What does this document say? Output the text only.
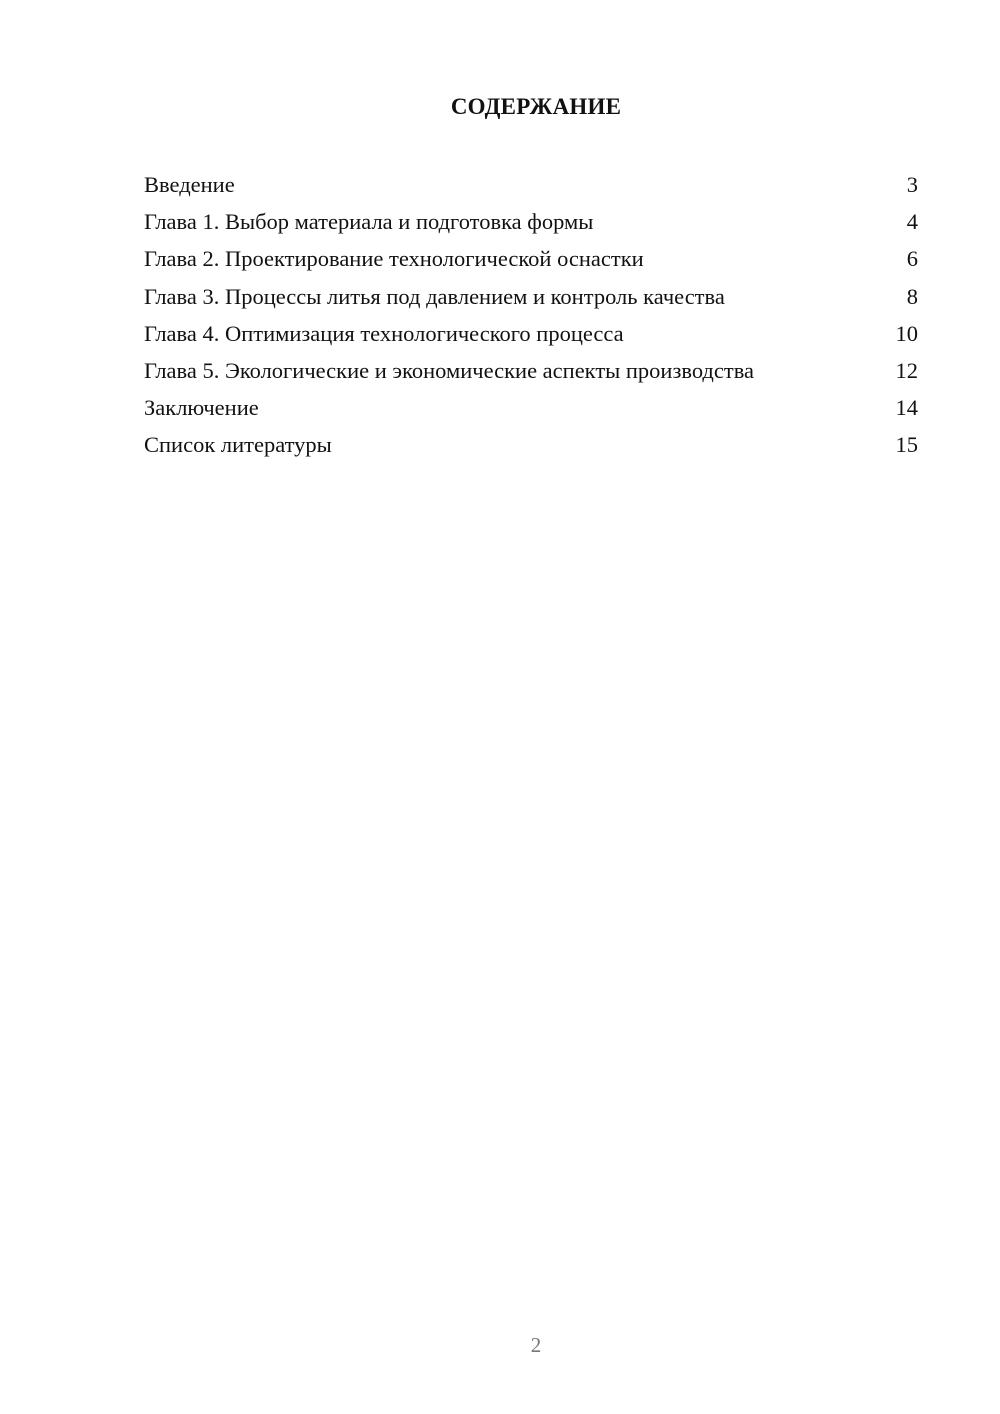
СОДЕРЖАНИЕ
Введение	3
Глава 1. Выбор материала и подготовка формы	4
Глава 2. Проектирование технологической оснастки	6
Глава 3. Процессы литья под давлением и контроль качества	8
Глава 4. Оптимизация технологического процесса	10
Глава 5. Экологические и экономические аспекты производства	12
Заключение	14
Список литературы	15
2
